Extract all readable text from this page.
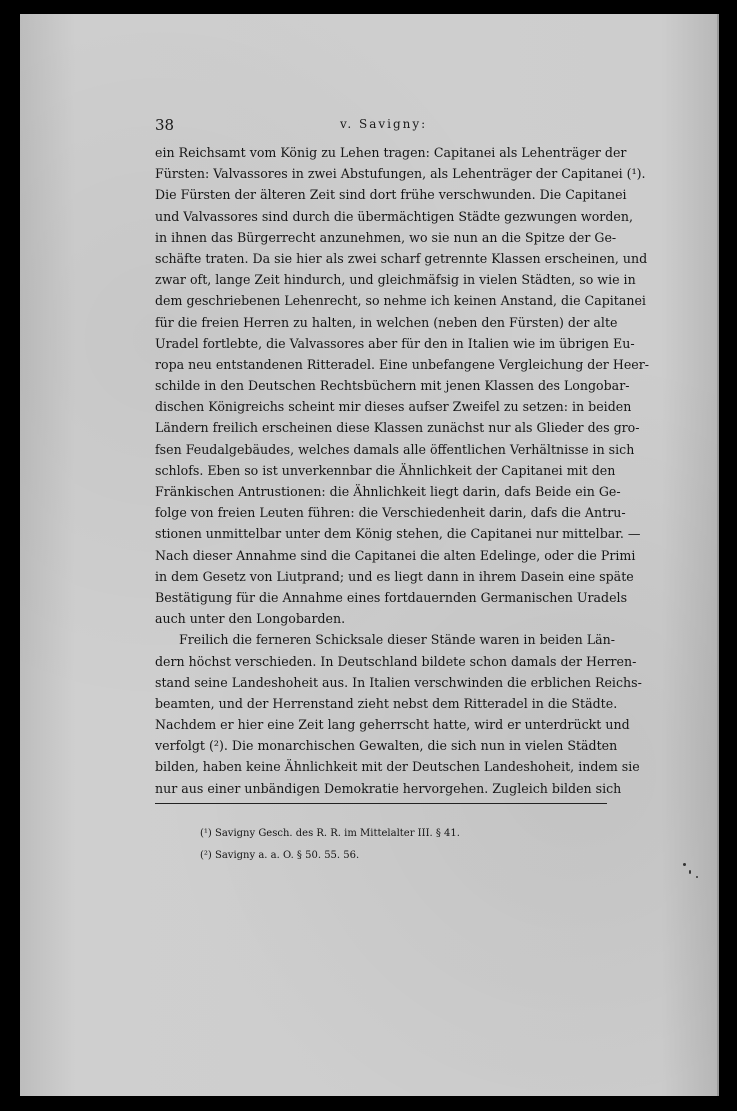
38	v. Savigny:

ein Reichsamt vom König zu Lehen tragen: Capitanei als Lehenträger der
Fürsten: Valvassores in zwei Abstufungen, als Lehenträger der Capitanei (¹).
Die Fürsten der älteren Zeit sind dort frühe verschwunden. Die Capitanei
und Valvassores sind durch die übermächtigen Städte gezwungen worden,
in ihnen das Bürgerrecht anzunehmen, wo sie nun an die Spitze der Ge-
schäfte traten. Da sie hier als zwei scharf getrennte Klassen erscheinen, und
zwar oft, lange Zeit hindurch, und gleichmäfsig in vielen Städten, so wie in
dem geschriebenen Lehenrecht, so nehme ich keinen Anstand, die Capitanei
für die freien Herren zu halten, in welchen (neben den Fürsten) der alte
Uradel fortlebte, die Valvassores aber für den in Italien wie im übrigen Eu-
ropa neu entstandenen Ritteradel. Eine unbefangene Vergleichung der Heer-
schilde in den Deutschen Rechtsbüchern mit jenen Klassen des Longobar-
dischen Königreichs scheint mir dieses aufser Zweifel zu setzen: in beiden
Ländern freilich erscheinen diese Klassen zunächst nur als Glieder des gro-
fsen Feudalgebäudes, welches damals alle öffentlichen Verhältnisse in sich
schlofs. Eben so ist unverkennbar die Ähnlichkeit der Capitanei mit den
Fränkischen Antrustionen: die Ähnlichkeit liegt darin, dafs Beide ein Ge-
folge von freien Leuten führen: die Verschiedenheit darin, dafs die Antru-
stionen unmittelbar unter dem König stehen, die Capitanei nur mittelbar. —
Nach dieser Annahme sind die Capitanei die alten Edelinge, oder die Primi
in dem Gesetz von Liutprand; und es liegt dann in ihrem Dasein eine späte
Bestätigung für die Annahme eines fortdauernden Germanischen Uradels
auch unter den Longobarden.

Freilich die ferneren Schicksale dieser Stände waren in beiden Län-
dern höchst verschieden. In Deutschland bildete schon damals der Herren-
stand seine Landeshoheit aus. In Italien verschwinden die erblichen Reichs-
beamten, und der Herrenstand zieht nebst dem Ritteradel in die Städte.
Nachdem er hier eine Zeit lang geherrscht hatte, wird er unterdrückt und
verfolgt (²). Die monarchischen Gewalten, die sich nun in vielen Städten
bilden, haben keine Ähnlichkeit mit der Deutschen Landeshoheit, indem sie
nur aus einer unbändigen Demokratie hervorgehen. Zugleich bilden sich

(¹) Savigny Gesch. des R. R. im Mittelalter III. § 41.
(²) Savigny a. a. O. § 50. 55. 56.
